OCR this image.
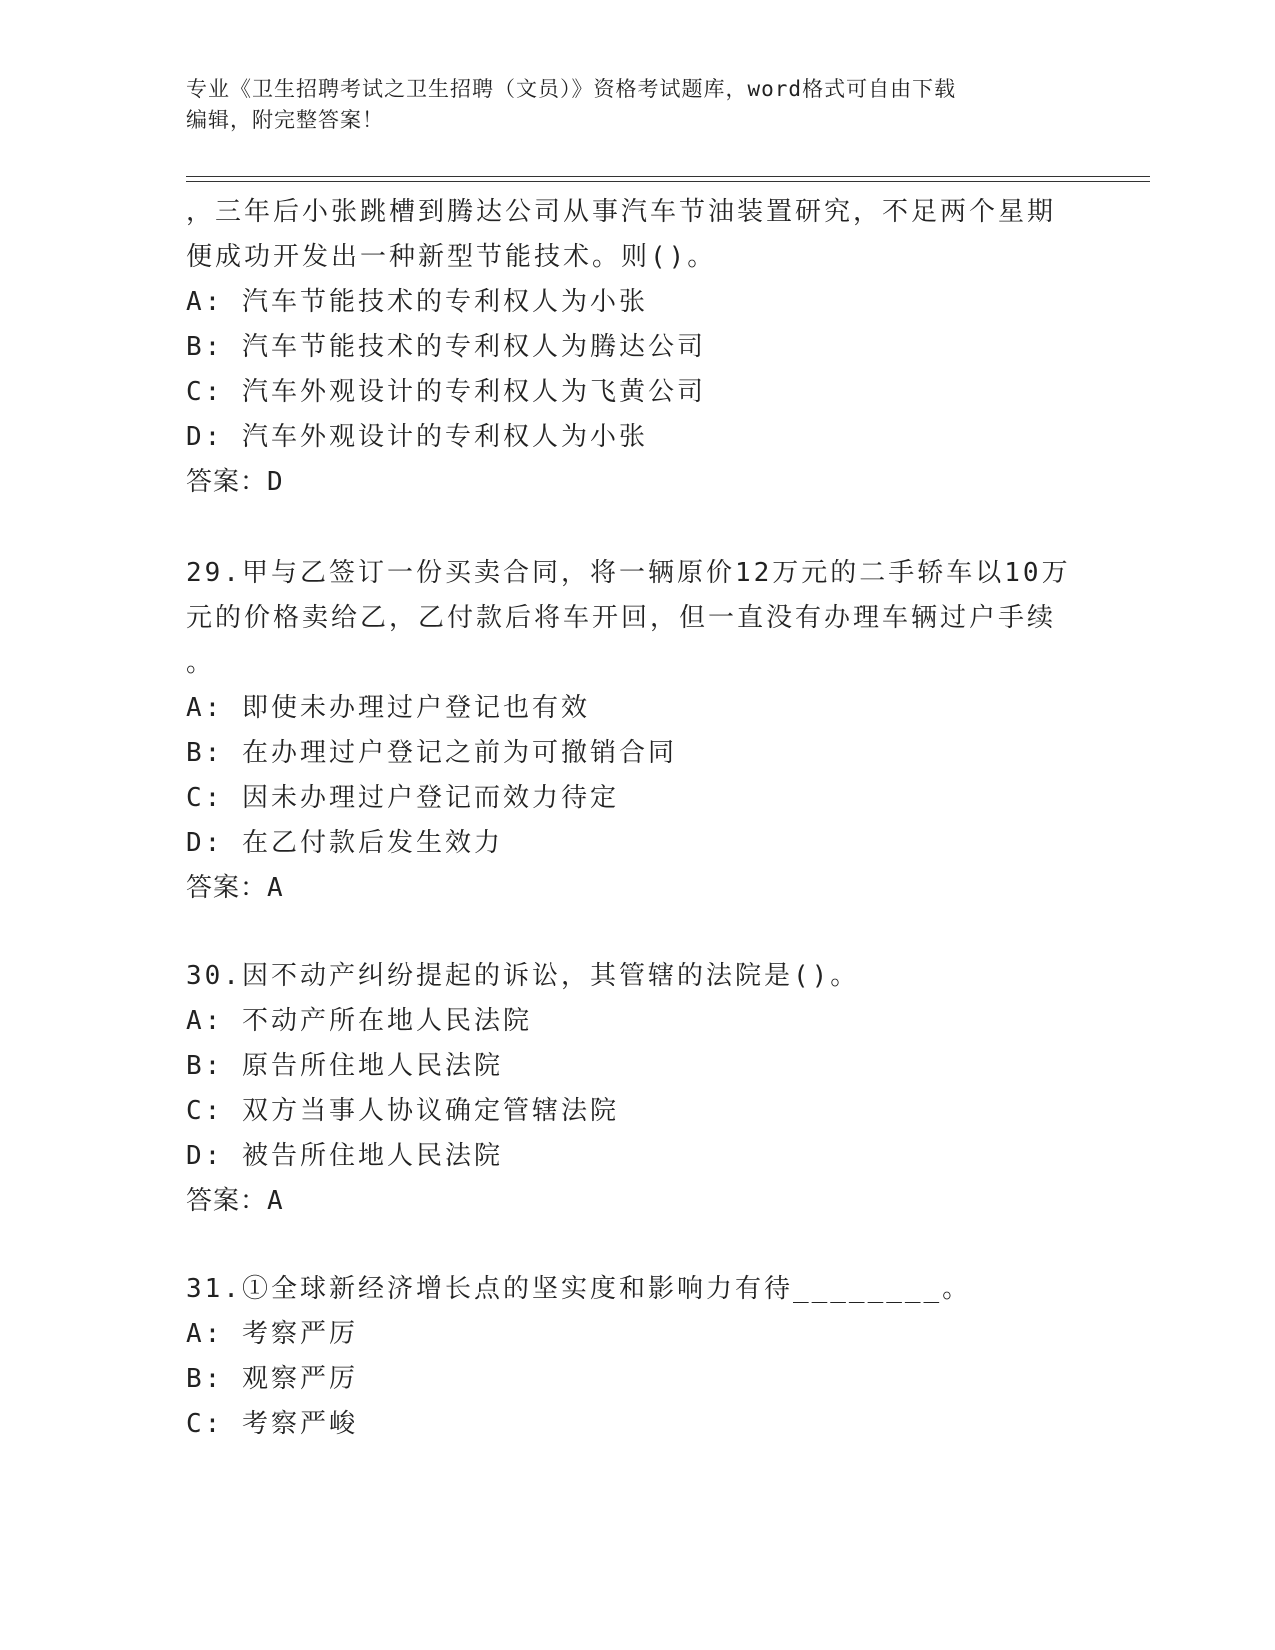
专业《卫生招聘考试之卫生招聘（文员）》资格考试题库，word格式可自由下载
编辑，附完整答案！
，三年后小张跳槽到腾达公司从事汽车节油装置研究，不足两个星期
便成功开发出一种新型节能技术。则()。
A: 汽车节能技术的专利权人为小张
B: 汽车节能技术的专利权人为腾达公司
C: 汽车外观设计的专利权人为飞黄公司
D: 汽车外观设计的专利权人为小张
答案：D
29.甲与乙签订一份买卖合同，将一辆原价12万元的二手轿车以10万
元的价格卖给乙，乙付款后将车开回，但一直没有办理车辆过户手续
。
A: 即使未办理过户登记也有效
B: 在办理过户登记之前为可撤销合同
C: 因未办理过户登记而效力待定
D: 在乙付款后发生效力
答案：A
30.因不动产纠纷提起的诉讼，其管辖的法院是()。
A: 不动产所在地人民法院
B: 原告所住地人民法院
C: 双方当事人协议确定管辖法院
D: 被告所住地人民法院
答案：A
31.①全球新经济增长点的坚实度和影响力有待________。
A: 考察严厉
B: 观察严厉
C: 考察严峻
